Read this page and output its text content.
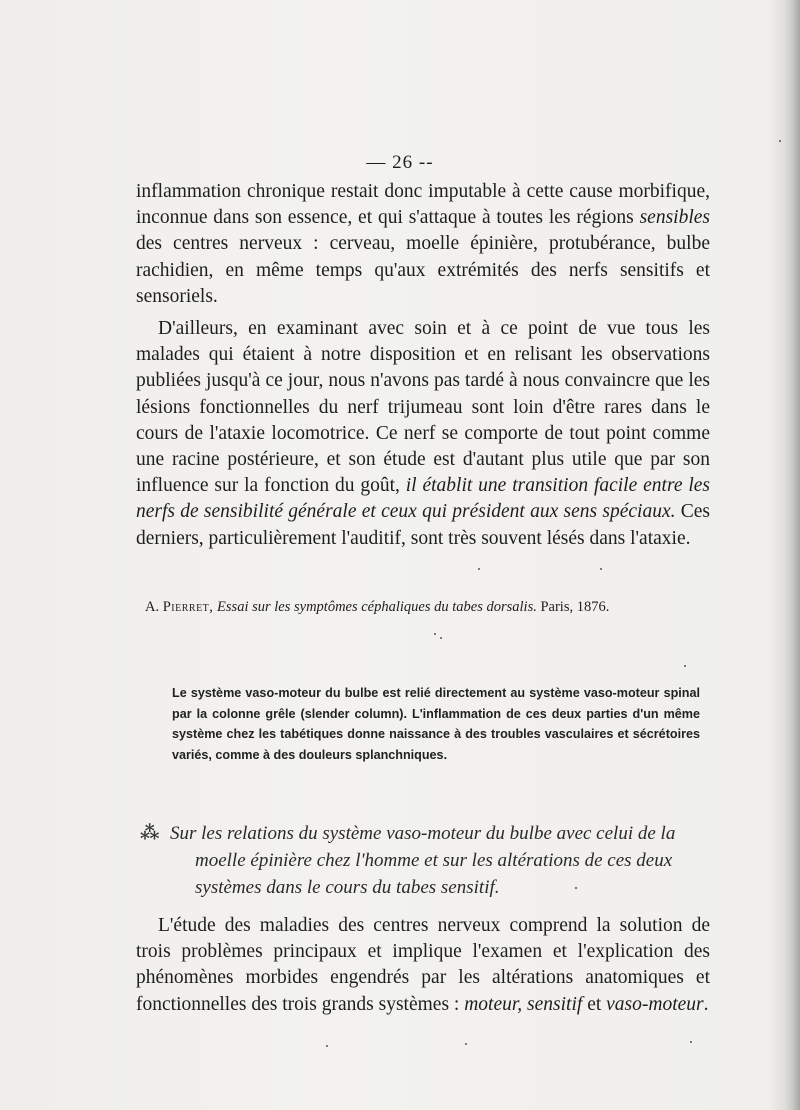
— 26 --

inflammation chronique restait donc imputable à cette cause morbifique, inconnue dans son essence, et qui s'attaque à toutes les régions sensibles des centres nerveux : cerveau, moelle épinière, protubérance, bulbe rachidien, en même temps qu'aux extrémités des nerfs sensitifs et sensoriels.

D'ailleurs, en examinant avec soin et à ce point de vue tous les malades qui étaient à notre disposition et en relisant les observations publiées jusqu'à ce jour, nous n'avons pas tardé à nous convaincre que les lésions fonctionnelles du nerf trijumeau sont loin d'être rares dans le cours de l'ataxie locomotrice. Ce nerf se comporte de tout point comme une racine postérieure, et son étude est d'autant plus utile que par son influence sur la fonction du goût, il établit une transition facile entre les nerfs de sensibilité générale et ceux qui président aux sens spéciaux. Ces derniers, particulièrement l'auditif, sont très souvent lésés dans l'ataxie.

A. Pierret, Essai sur les symptômes céphaliques du tabes dorsalis. Paris, 1876.

Le système vaso-moteur du bulbe est relié directement au système vaso-moteur spinal par la colonne grêle (slender column). L'inflammation de ces deux parties d'un même système chez les tabétiques donne naissance à des troubles vasculaires et sécrétoires variés, comme à des douleurs splanchniques.

⁂ Sur les relations du système vaso-moteur du bulbe avec celui de la
moelle épinière chez l'homme et sur les altérations de ces deux
systèmes dans le cours du tabes sensitif.

L'étude des maladies des centres nerveux comprend la solution de trois problèmes principaux et implique l'examen et l'explication des phénomènes morbides engendrés par les altérations anatomiques et fonctionnelles des trois grands systèmes : moteur, sensitif et vaso-moteur.
